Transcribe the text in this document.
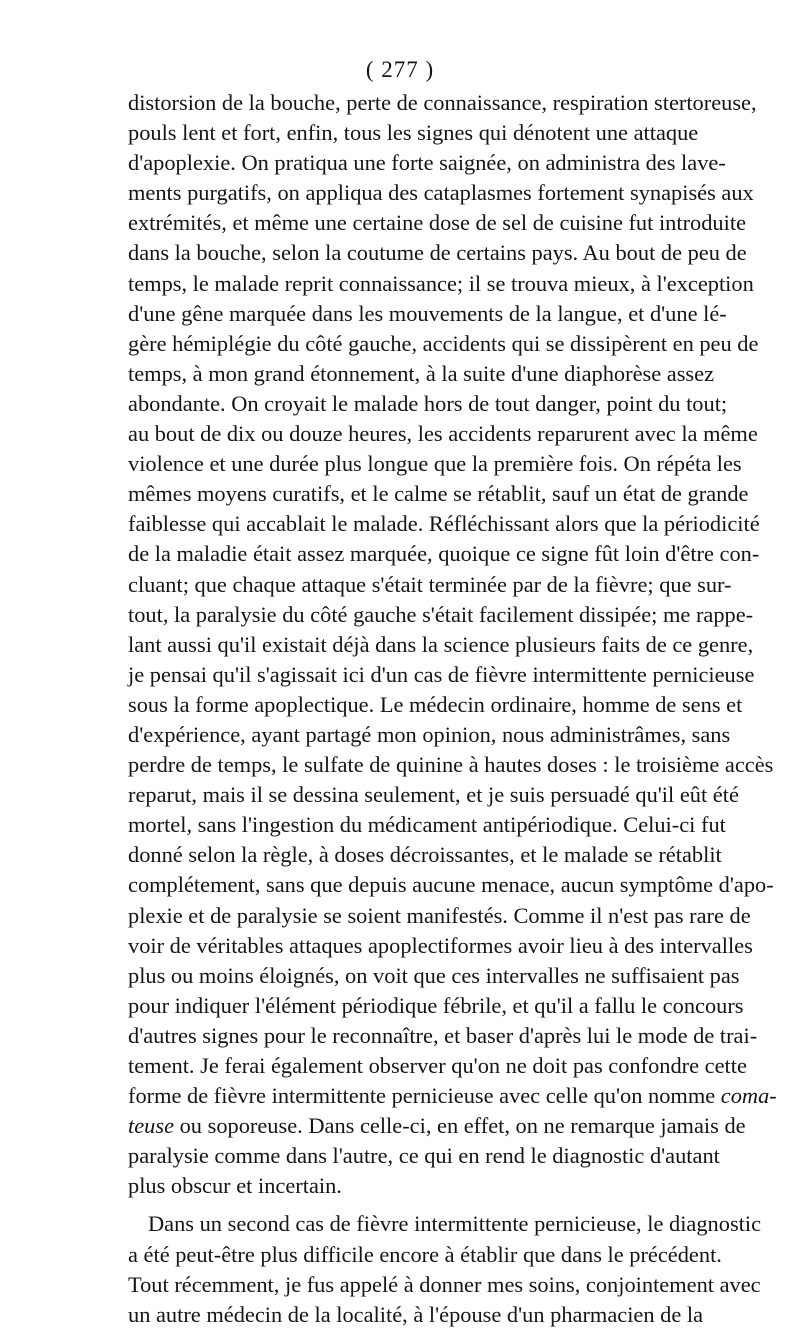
( 277 )
distorsion de la bouche, perte de connaissance, respiration stertoreuse,
pouls lent et fort, enfin, tous les signes qui dénotent une attaque
d'apoplexie. On pratiqua une forte saignée, on administra des lave-
ments purgatifs, on appliqua des cataplasmes fortement synapisés aux
extrémités, et même une certaine dose de sel de cuisine fut introduite
dans la bouche, selon la coutume de certains pays. Au bout de peu de
temps, le malade reprit connaissance; il se trouva mieux, à l'exception
d'une gêne marquée dans les mouvements de la langue, et d'une lé-
gère hémiplégie du côté gauche, accidents qui se dissipèrent en peu de
temps, à mon grand étonnement, à la suite d'une diaphorèse assez
abondante. On croyait le malade hors de tout danger, point du tout;
au bout de dix ou douze heures, les accidents reparurent avec la même
violence et une durée plus longue que la première fois. On répéta les
mêmes moyens curatifs, et le calme se rétablit, sauf un état de grande
faiblesse qui accablait le malade. Réfléchissant alors que la périodicité
de la maladie était assez marquée, quoique ce signe fût loin d'être con-
cluant; que chaque attaque s'était terminée par de la fièvre; que sur-
tout, la paralysie du côté gauche s'était facilement dissipée; me rappe-
lant aussi qu'il existait déjà dans la science plusieurs faits de ce genre,
je pensai qu'il s'agissait ici d'un cas de fièvre intermittente pernicieuse
sous la forme apoplectique. Le médecin ordinaire, homme de sens et
d'expérience, ayant partagé mon opinion, nous administrâmes, sans
perdre de temps, le sulfate de quinine à hautes doses : le troisième accès
reparut, mais il se dessina seulement, et je suis persuadé qu'il eût été
mortel, sans l'ingestion du médicament antipériodique. Celui-ci fut
donné selon la règle, à doses décroissantes, et le malade se rétablit
complétement, sans que depuis aucune menace, aucun symptôme d'apo-
plexie et de paralysie se soient manifestés. Comme il n'est pas rare de
voir de véritables attaques apoplectiformes avoir lieu à des intervalles
plus ou moins éloignés, on voit que ces intervalles ne suffisaient pas
pour indiquer l'élément périodique fébrile, et qu'il a fallu le concours
d'autres signes pour le reconnaître, et baser d'après lui le mode de trai-
tement. Je ferai également observer qu'on ne doit pas confondre cette
forme de fièvre intermittente pernicieuse avec celle qu'on nomme coma-
teuse ou soporeuse. Dans celle-ci, en effet, on ne remarque jamais de
paralysie comme dans l'autre, ce qui en rend le diagnostic d'autant
plus obscur et incertain.
Dans un second cas de fièvre intermittente pernicieuse, le diagnostic
a été peut-être plus difficile encore à établir que dans le précédent.
Tout récemment, je fus appelé à donner mes soins, conjointement avec
un autre médecin de la localité, à l'épouse d'un pharmacien de la
